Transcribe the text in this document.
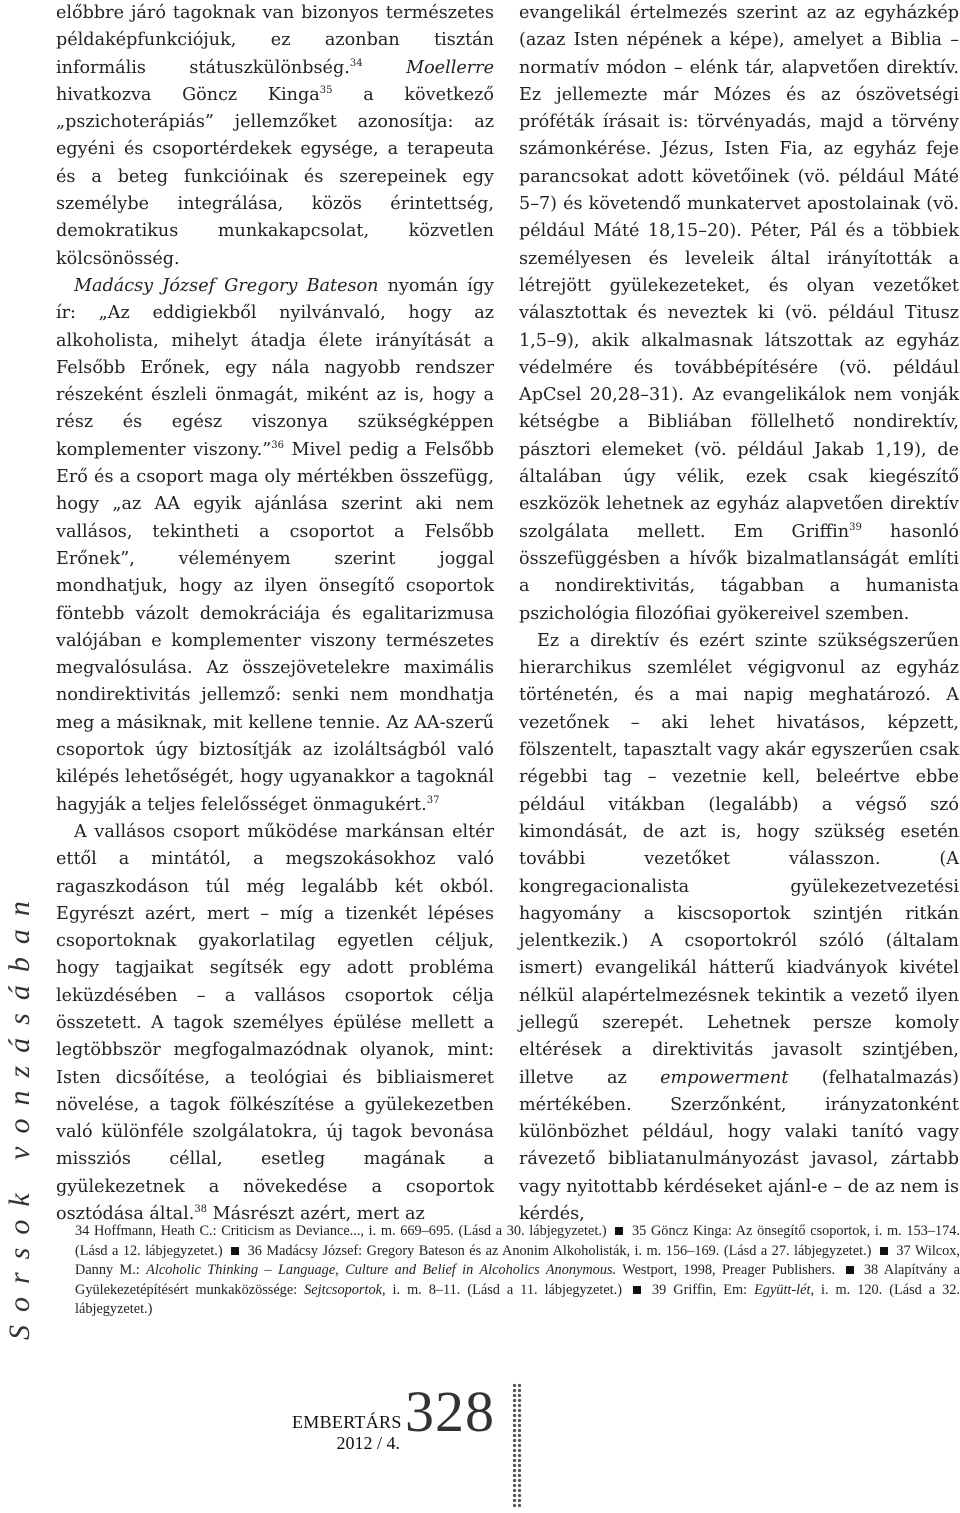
Sorsok vonzásában

előbbre járó tagoknak van bizonyos természetes példaképfunkciójuk, ez azonban tisztán informális státuszkülönbség.$^{34}$ Moellerre hivatkozva Göncz Kinga$^{35}$ a következő „pszichoterápiás” jellemzőket azonosítja: az egyéni és csoportérdekek egysége, a terapeuta és a beteg funkcióinak és szerepeinek egy személybe integrálása, közös érintettség, demokratikus munkakapcsolat, közvetlen kölcsönösség.

Madácsy József Gregory Bateson nyomán így ír: „Az eddigiekből nyilvánvaló, hogy az alkoholista, mihelyt átadja élete irányítását a Felsőbb Erőnek, egy nála nagyobb rendszer részeként észleli önmagát, miként az is, hogy a rész és egész viszonya szükségképpen komplementer viszony.”$^{36}$ Mivel pedig a Felsőbb Erő és a csoport maga oly mértékben összefügg, hogy „az AA egyik ajánlása szerint aki nem vallásos, tekintheti a csoportot a Felsőbb Erőnek”, véleményem szerint joggal mondhatjuk, hogy az ilyen önsegítő csoportok föntebb vázolt demokráciája és egalitarizmusa valójában e komplementer viszony természetes megvalósulása. Az összejövetelekre maximális nondirektivitás jellemző: senki nem mondhatja meg a másiknak, mit kellene tennie. Az AA-szerű csoportok úgy biztosítják az izoláltságból való kilépés lehetőségét, hogy ugyanakkor a tagoknál hagyják a teljes felelősséget önmagukért.$^{37}$

A vallásos csoport működése markánsan eltér ettől a mintától, a megszokásokhoz való ragaszkodáson túl még legalább két okból. Egyrészt azért, mert – míg a tizenkét lépéses csoportoknak gyakorlatilag egyetlen céljuk, hogy tagjaikat segítsék egy adott probléma leküzdésében – a vallásos csoportok célja összetett. A tagok személyes épülése mellett a legtöbbször megfogalmazódnak olyanok, mint: Isten dicsőítése, a teológiai és bibliaismeret növelése, a tagok fölkészítése a gyülekezetben való különféle szolgálatokra, új tagok bevonása missziós céllal, esetleg magának a gyülekezetnek a növekedése a csoportok osztódása által.$^{38}$ Másrészt azért, mert az

evangelikál értelmezés szerint az az egyházkép (azaz Isten népének a képe), amelyet a Biblia – normatív módon – elénk tár, alapvetően direktív. Ez jellemezte már Mózes és az ószövetségi próféták írásait is: törvényadás, majd a törvény számonkérése. Jézus, Isten Fia, az egyház feje parancsokat adott követőinek (vö. például Máté 5–7) és követendő munkatervet apostolainak (vö. például Máté 18,15–20). Péter, Pál és a többiek személyesen és leveleik által irányították a létrejött gyülekezeteket, és olyan vezetőket választottak és neveztek ki (vö. például Titusz 1,5–9), akik alkalmasnak látszottak az egyház védelmére és továbbépítésére (vö. például ApCsel 20,28–31). Az evangelikálok nem vonják kétségbe a Bibliában föllelhető nondirektív, pásztori elemeket (vö. például Jakab 1,19), de általában úgy vélik, ezek csak kiegészítő eszközök lehetnek az egyház alapvetően direktív szolgálata mellett. Em Griffin$^{39}$ hasonló összefüggésben a hívők bizalmatlanságát említi a nondirektivitás, tágabban a humanista pszichológia filozófiai gyökereivel szemben.

Ez a direktív és ezért szinte szükségszerűen hierarchikus szemlélet végigvonul az egyház történetén, és a mai napig meghatározó. A vezetőnek – aki lehet hivatásos, képzett, fölszentelt, tapasztalt vagy akár egyszerűen csak régebbi tag – vezetnie kell, beleértve ebbe például vitákban (legalább) a végső szó kimondását, de azt is, hogy szükség esetén további vezetőket válasszon. (A kongregacionalista gyülekezetvezetési hagyomány a kiscsoportok szintjén ritkán jelentkezik.) A csoportokról szóló (általam ismert) evangelikál hátterű kiadványok kivétel nélkül alapértelmezésnek tekintik a vezető ilyen jellegű szerepét. Lehetnek persze komoly eltérések a direktivitás javasolt szintjében, illetve az empowerment (felhatalmazás) mértékében. Szerzőnként, irányzatonként különbözhet például, hogy valaki tanító vagy rávezető bibliatanulmányozást javasol, zártabb vagy nyitottabb kérdéseket ajánl-e – de az nem is kérdés,

34 Hoffmann, Heath C.: Criticism as Deviance..., i. m. 669–695. (Lásd a 30. lábjegyzetet.) 35 Göncz Kinga: Az önsegítő csoportok, i. m. 153–174. (Lásd a 12. lábjegyzetet.) 36 Madácsy József: Gregory Bateson és az Anonim Alkoholisták, i. m. 156–169. (Lásd a 27. lábjegyzetet.) 37 Wilcox, Danny M.: Alcoholic Thinking – Language, Culture and Belief in Alcoholics Anonymous. Westport, 1998, Preager Publishers. 38 Alapítvány a Gyülekezetépítésért munkaközössége: Sejtcsoportok, i. m. 8–11. (Lásd a 11. lábjegyzetet.) 39 Griffin, Em: Együtt-lét, i. m. 120. (Lásd a 32. lábjegyzetet.)
EMBERTÁRS
2012 / 4. 328
